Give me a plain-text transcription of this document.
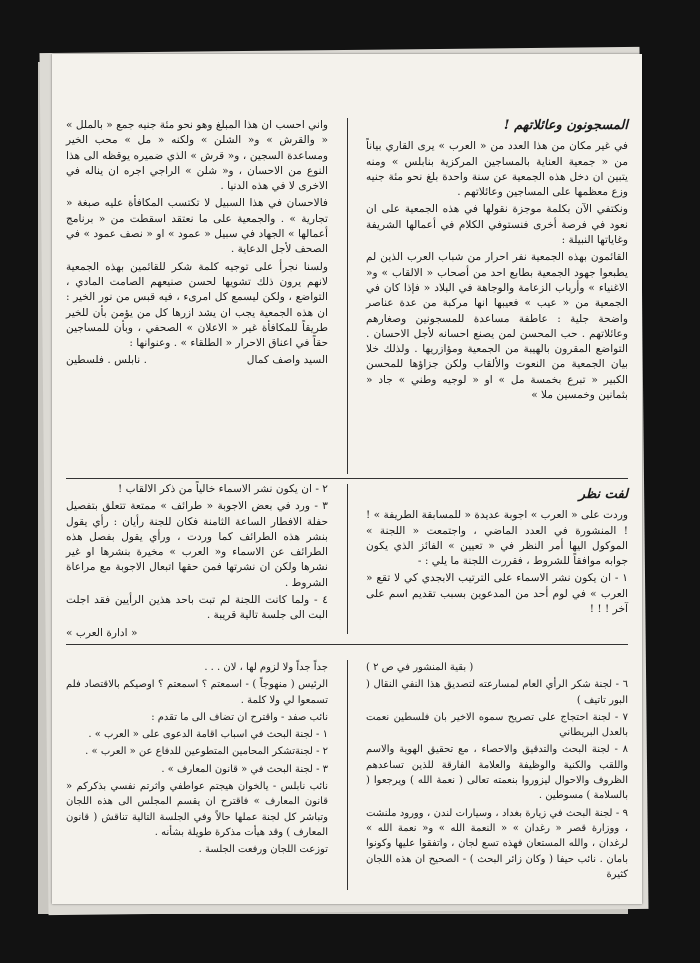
المسجونون وعائلاتهم !

في غير مكان من هذا العدد من « العرب » يرى القاري بياناً من « جمعية العناية بالمساجين المركزية بنابلس » ومنه يتبين ان دخل هذه الجمعية عن سنة واحدة بلغ نحو مئة جنيه وزع معظمها على المساجين وعائلاتهم .

ونكتفي الآن بكلمة موجزة نقولها في هذه الجمعية على ان نعود في فرصة أخرى فنستوفي الكلام في أعمالها الشريفة وغاياتها النبيلة :

القائمون بهذه الجمعية نفر احرار من شباب العرب الذين لم يطبعوا جهود الجمعية بطابع احد من أصحاب « الالقاب » و« الاغنياء » وأرباب الزعامة والوجاهة في البلاد « فإذا كان في الجمعية من « عيب » فعيبها انها مركبة من عدة عناصر واضحة جلية : عاطفة مساعدة للمسجونين وصغارهم وعائلاتهم . حب المحسن لمن يصنع احسانه لأجل الاحسان . التواضع المقرون بالهيبة من الجمعية ومؤازريها . ولذلك خلا بيان الجمعية من النعوت والألقاب ولكن جزاؤها للمحسن الكبير « تبرع بخمسة مل » او « لوجيه وطني » جاد « بثمانين وخمسين ملا »

واني احسب ان هذا المبلغ وهو نحو مئة جنيه جمع « بالملل » « والقرش » و« الشلن » ولكنه « مل » محب الخير ومساعدة السجين ، و« قرش » الذي ضميره يوقظه الى هذا النوع من الاحسان ، و« شلن » الراجي اجره ان يناله في الاخرى لا في هذه الدنيا .

فالاحسان في هذا السبيل لا تكتسب المكافأة عليه صبغة « تجارية » . والجمعية على ما نعتقد اسقطت من « برنامج أعمالها » الجهاد في سبيل « عمود » او « نصف عمود » في الصحف لأجل الدعاية .

ولسنا نجرأ على توجيه كلمة شكر للقائمين بهذه الجمعية لانهم يرون ذلك تشويها لحسن صنيعهم الصامت المادي ، التواضع ، ولكن ليسمع كل امرىء ، فيه قبس من نور الخير : ان هذه الجمعية يجب ان يشد ازرها كل من يؤمن بأن للخير طريقاً للمكافأة غير « الاعلان » الصحفي ، وبأن للمساجين حقاً في اعناق الاحرار « الطلقاء » . وعنوانها :

السيد واصف كمال
. نابلس . فلسطين
لفت نظر

وردت على « العرب » اجوبة عديدة « للمسابقة الطريفة » ! ! المنشورة في العدد الماضي ، واجتمعت « اللجنة » الموكول اليها أمر النظر في « تعيين » الفائز الذي يكون جوابه موافقاً للشروط ، فقررت اللجنة ما يلي : -

١ - ان يكون نشر الاسماء على الترتيب الابجدي كي لا تقع « العرب » في لوم أحد من المدعوين بسبب تقديم اسم على آخر ! ! !

٢ - ان يكون نشر الاسماء خالياً من ذكر الالقاب !

٣ - ورد في بعض الاجوبة « طرائف » ممتعة تتعلق بتفصيل حفلة الافطار الساعة الثامنة فكان للجنة رأيان : رأي يقول بنشر هذه الطرائف كما وردت ، ورأي يقول بفصل هذه الطرائف عن الاسماء و« العرب » مخيرة بنشرها او غير نشرها ولكن ان نشرتها فمن حقها اتبعال الاجوبة مع مراعاة الشروط .

٤ - ولما كانت اللجنة لم تبت باحد هذين الرأيين فقد اجلت البت الى جلسة تالية قريبة .

« ادارة العرب »

( بقية المنشور في ص ٢ )

٦ - لجنة شكر الرأي العام لمسارعته لتصديق هذا النفي النقال ( البور تاتيف )

٧ - لجنة احتجاج على تصريح سموه الاخير بان فلسطين نعمت بالعدل البريطاني

٨ - لجنة البحث والتدقيق والاحصاء ، مع تحقيق الهوية والاسم واللقب والكنية والوظيفة والعلامة الفارقة للذين تساعدهم الظروف والاحوال ليزوروا بنعمته تعالى ( نعمة الله ) ويرجعوا ( بالسلامة ) مسوطين .

٩ - لجنة البحث في زيارة بغداد ، وسيارات لندن ، وورود ملنشت ، ووزارة قصر « رغدان » « النعمة الله » و« نعمة الله » لرغدان ، والله المستعان فهذه تسع لجان ، واتفقوا عليها وكونوا بامان . نائب حيفا ( وكان زائر البحث ) - الصحيح ان هذه اللجان كثيرة

جداً جداً ولا لزوم لها ، لان . . .

الرئيس ( منهوجاً ) - اسمعتم ؟ اسمعتم ؟ اوصيكم بالاقتصاد فلم تسمعوا لي ولا كلمة .

نائب صفد - واقترح ان تضاف الى ما تقدم :

١ - لجنة البحث في اسباب اقامة الدعوى على « العرب » .

٢ - لجنةتشكر المحامين المتطوعين للدفاع عن « العرب » .

٣ - لجنة البحث في « قانون المعارف » .

نائب نابلس - يالخوان هيجتم عواطفي واثرتم نفسي بذكركم « قانون المعارف » فاقترح ان يقسم المجلس الى هذه اللجان وتباشر كل لجنة عملها حالاً وفي الجلسة التالية تناقش ( قانون المعارف ) وقد هيأت مذكرة طويلة بشأنه .

توزعت اللجان ورفعت الجلسة .
